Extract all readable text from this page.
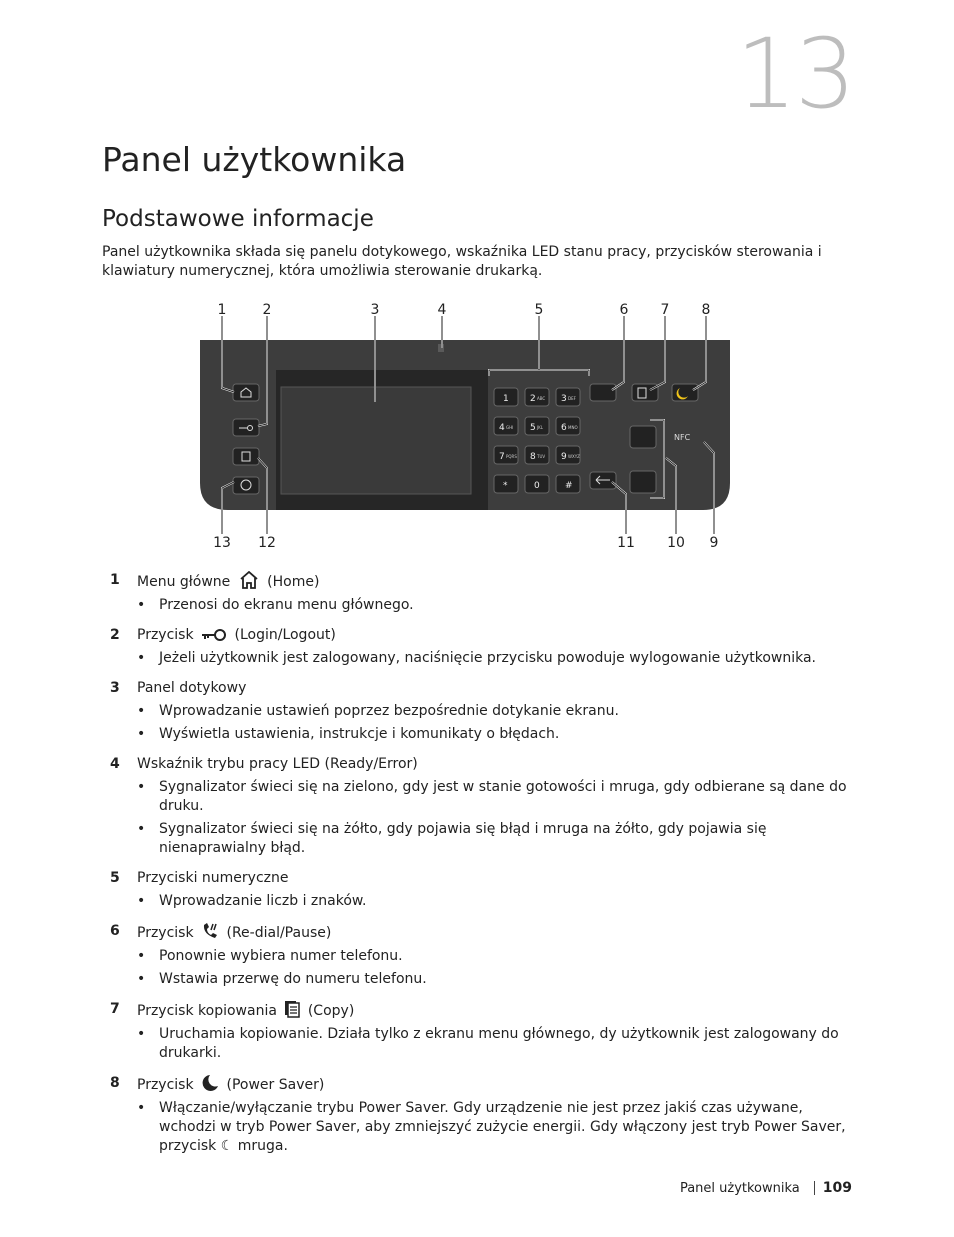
13
Panel użytkownika
Podstawowe informacje

Panel użytkownika składa się panelu dotykowego, wskaźnika LED stanu pracy, przycisków sterowania i klawiatury numerycznej, która umożliwia sterowanie drukarką.

1 2 ABC 3 DEF
4 GHI 5 JKL 6 MNO
7 PQRS 8 TUV 9 WXYZ
*	0	#
NFC
1	2	3	4	5	6 7 8
13 12	11 10 9
1	Menu główne  (Home)
• Przenosi do ekranu menu głównego.
2	Przycisk  (Login/Logout)
• Jeżeli użytkownik jest zalogowany, naciśnięcie przycisku powoduje wylogowanie użytkownika.
3	Panel dotykowy
• Wprowadzanie ustawień poprzez bezpośrednie dotykanie ekranu.
• Wyświetla ustawienia, instrukcje i komunikaty o błędach.
4	Wskaźnik trybu pracy LED (Ready/Error)
• Sygnalizator świeci się na zielono, gdy jest w stanie gotowości i mruga, gdy odbierane są dane do druku.
• Sygnalizator świeci się na żółto, gdy pojawia się błąd i mruga na żółto, gdy pojawia się nienaprawialny błąd.
5	Przyciski numeryczne
• Wprowadzanie liczb i znaków.
6	Przycisk  (Re-dial/Pause)
• Ponownie wybiera numer telefonu.
• Wstawia przerwę do numeru telefonu.
7	Przycisk kopiowania  (Copy)
• Uruchamia kopiowanie. Działa tylko z ekranu menu głównego, dy użytkownik jest zalogowany do drukarki.
8	Przycisk  (Power Saver)
• Włączanie/wyłączanie trybu Power Saver. Gdy urządzenie nie jest przez jakiś czas używane, wchodzi w tryb Power Saver, aby zmniejszyć zużycie energii. Gdy włączony jest tryb Power Saver, przycisk ☾ mruga.
Panel użytkownika 109
